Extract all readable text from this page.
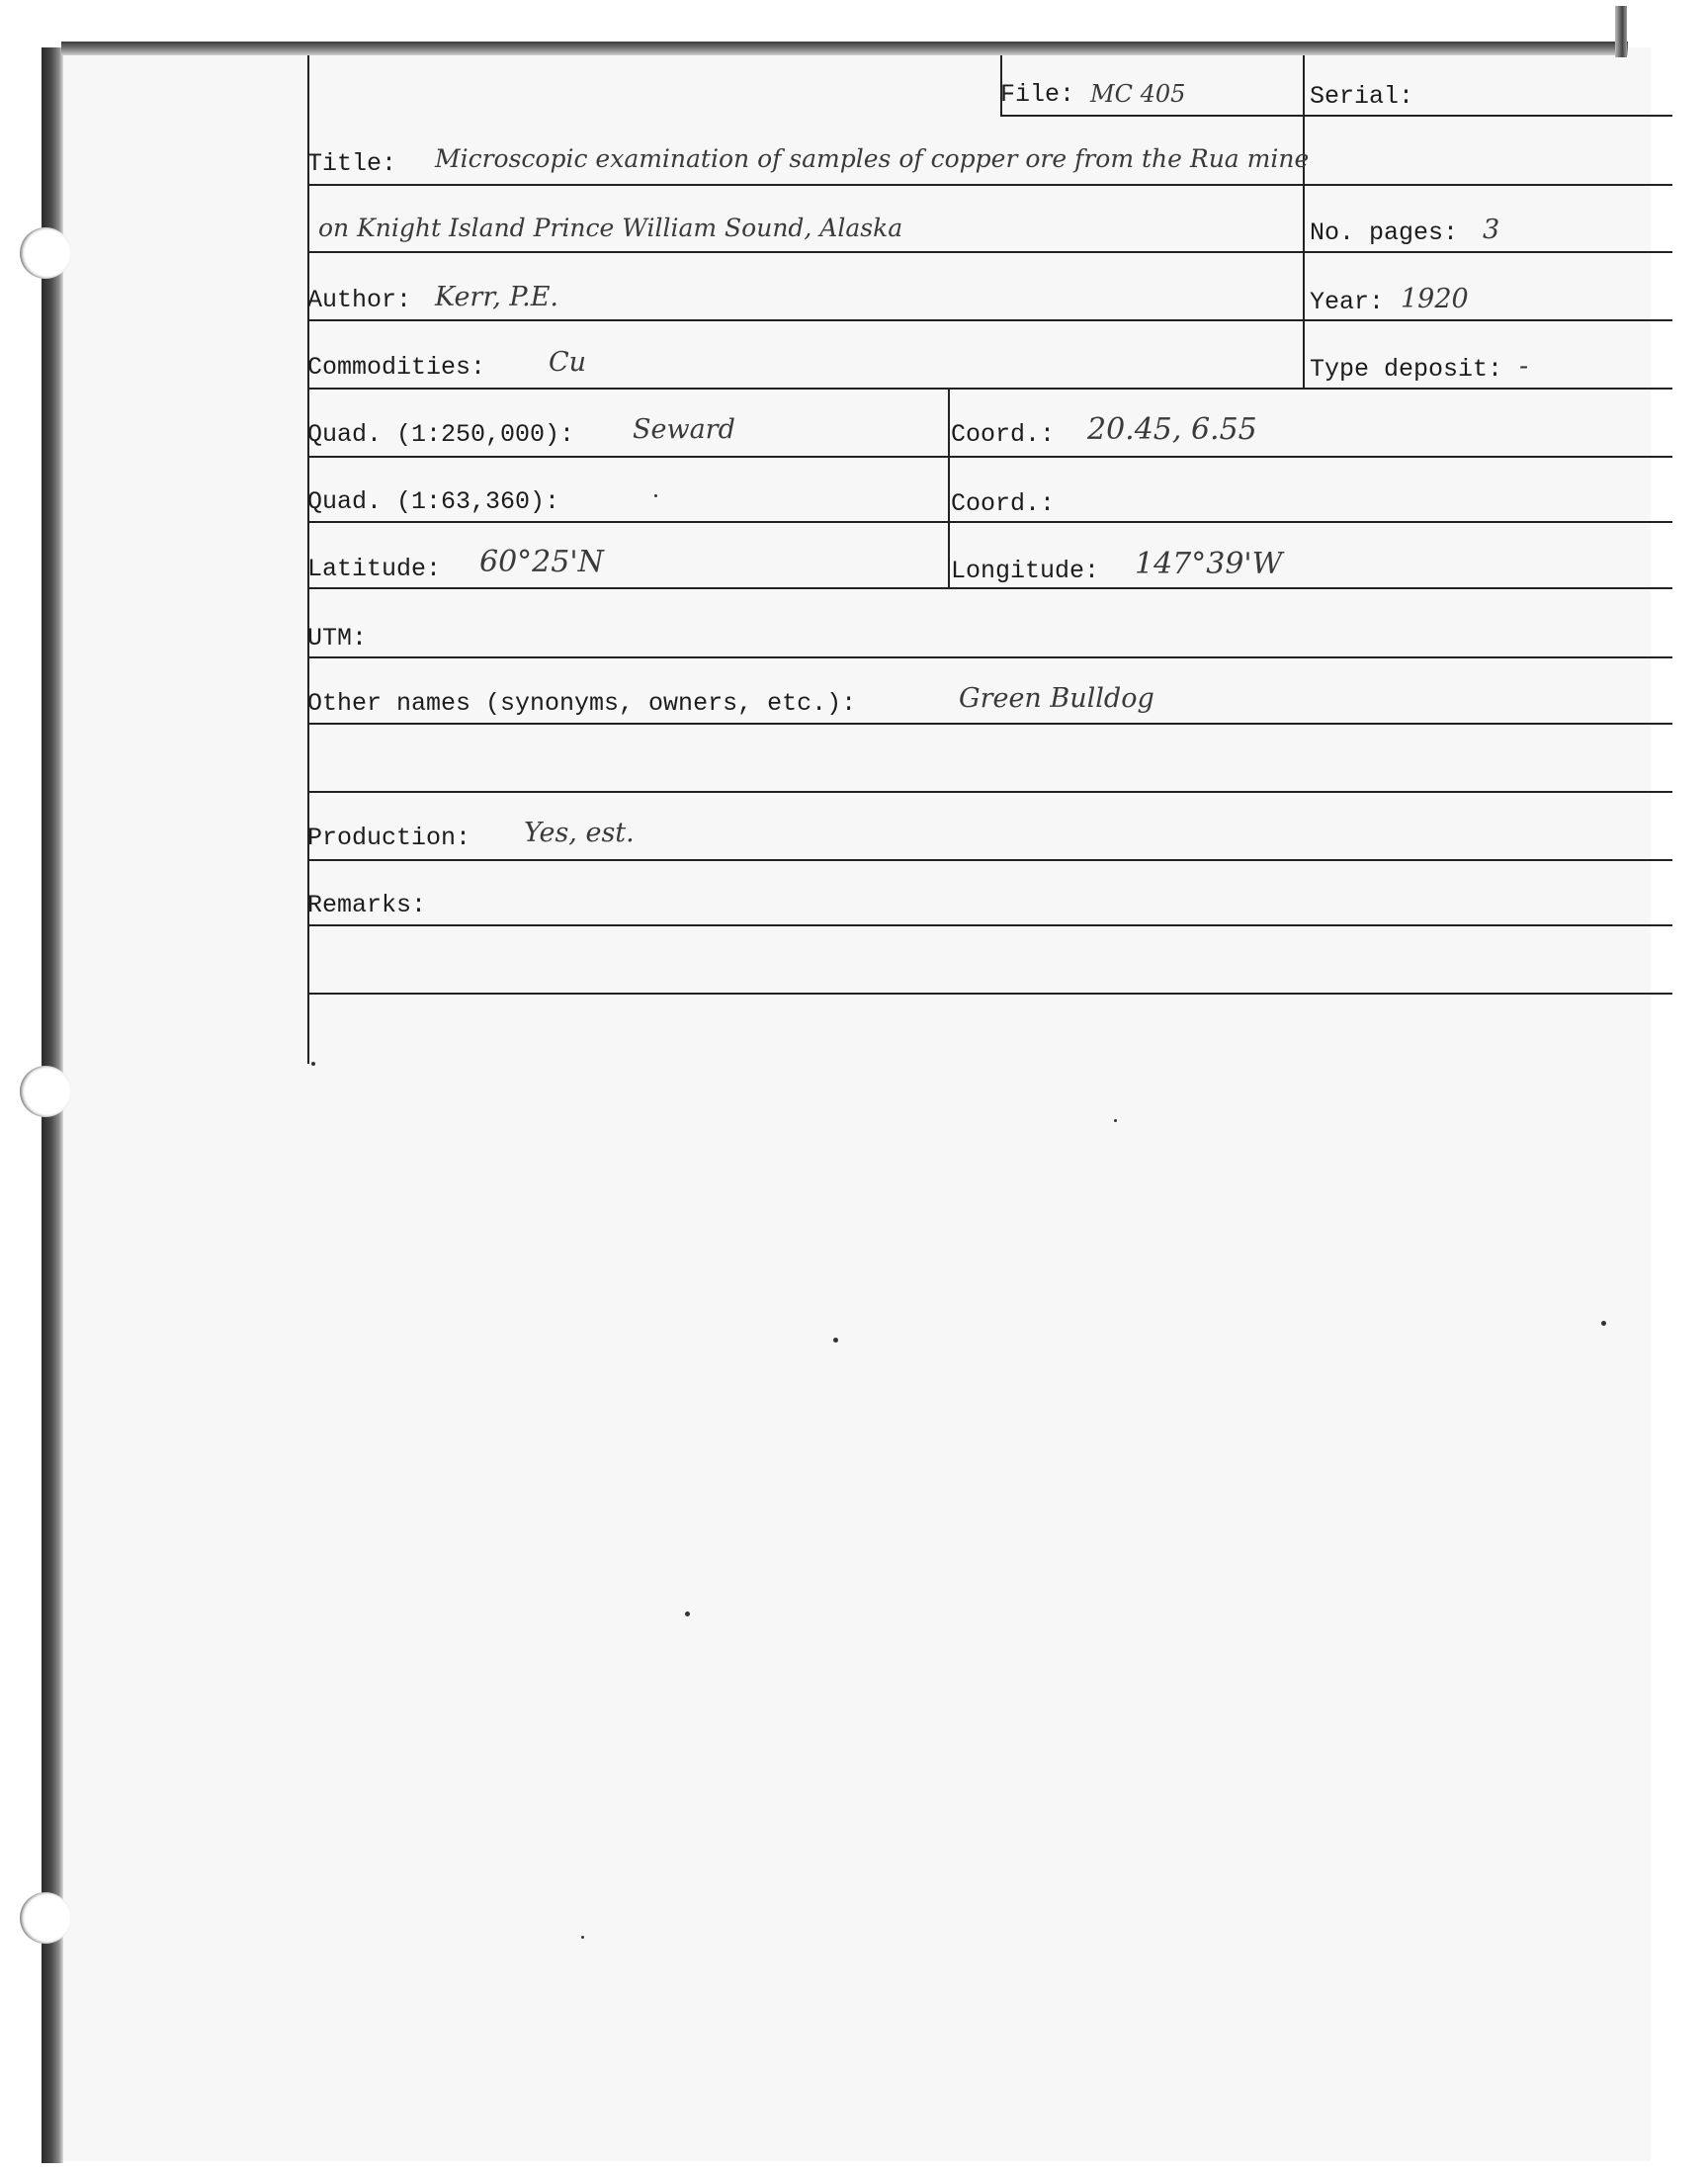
File: MC 405	Serial:
Title: Microscopic examination of samples of copper ore from the Rua mine
on Knight Island Prince William Sound, Alaska	No. pages: 3
Author: Kerr, P.E.	Year: 1920
Commodities: Cu	Type deposit: -
Quad. (1:250,000): Seward	Coord.: 20.45, 6.55
Quad. (1:63,360):	Coord.:
Latitude: 60°25'N	Longitude: 147°39'W
UTM:
Other names (synonyms, owners, etc.):	Green Bulldog
Production: Yes, est.
Remarks:
